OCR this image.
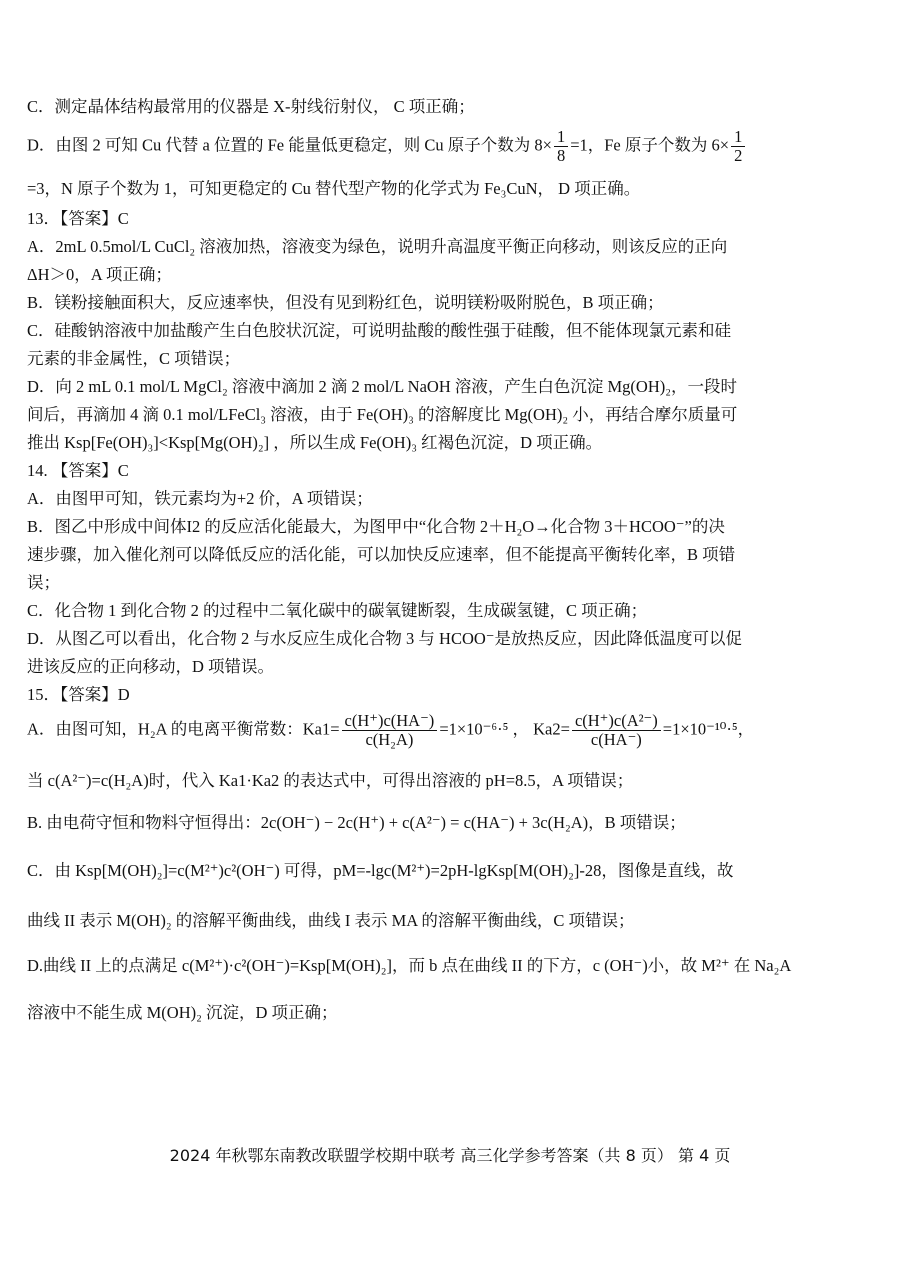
C．测定晶体结构最常用的仪器是 X-射线衍射仪， C 项正确；
D．由图 2 可知 Cu 代替 a 位置的 Fe 能量低更稳定，则 Cu 原子个数为 $8\times \frac{1}{8} =1$，Fe 原子个数为 $6\times \frac{1}{2}$
=3，N 原子个数为 1，可知更稳定的 Cu 替代型产物的化学式为 Fe₃CuN， D 项正确。
13．【答案】C
A．2mL 0.5mol/L CuCl₂ 溶液加热，溶液变为绿色，说明升高温度平衡正向移动，则该反应的正向
ΔH＞0，A 项正确；
B．镁粉接触面积大，反应速率快，但没有见到粉红色，说明镁粉吸附脱色，B 项正确；
C．硅酸钠溶液中加盐酸产生白色胶状沉淀，可说明盐酸的酸性强于硅酸，但不能体现氯元素和硅
元素的非金属性，C 项错误；
D．向 2 mL 0.1 mol/L MgCl₂ 溶液中滴加 2 滴 2 mol/L NaOH 溶液，产生白色沉淀 Mg(OH)₂，一段时
间后，再滴加 4 滴 0.1 mol/LFeCl₃ 溶液，由于 Fe(OH)₃ 的溶解度比 Mg(OH)₂ 小，再结合摩尔质量可
推出 Ksp[Fe(OH)₃]<Ksp[Mg(OH)₂] ，所以生成 Fe(OH)₃ 红褐色沉淀，D 项正确。
14. 【答案】C
A．由图甲可知，铁元素均为+2 价，A 项错误；
B．图乙中形成中间体I2 的反应活化能最大，为图甲中“化合物 2＋H₂O→化合物 3＋HCOO⁻”的决
速步骤，加入催化剂可以降低反应的活化能，可以加快反应速率，但不能提高平衡转化率，B 项错
误；
C．化合物 1 到化合物 2 的过程中二氧化碳中的碳氧键断裂，生成碳氢键，C 项正确；
D．从图乙可以看出，化合物 2 与水反应生成化合物 3 与 HCOO⁻是放热反应，因此降低温度可以促
进该反应的正向移动，D 项错误。
15．【答案】D
A．由图可知，H₂A 的电离平衡常数：$Ka1= \frac{c(H^+)c(HA^-)}{\text{c(H₂A)}} =1\times 10^{-6}\cdot^5$ ， $Ka2= \frac{\text{c(H⁺)c(A²⁻)}}{c(HA^-)} =1\times 10^{-10}\cdot^5$，
当 c(A²⁻)=c(H₂A)时，代入 Ka1·Ka2 的表达式中，可得出溶液的 pH=8.5，A 项错误；
B. 由电荷守恒和物料守恒得出：2c(OH⁻) − 2c(H⁺) + c(A²⁻) = c(HA⁻) + 3c(H₂A)，B 项错误；
C．由 Ksp[M(OH)₂]=c(M²⁺)c²(OH⁻) 可得，pM=-lgc(M²⁺)=2pH-lgKsp[M(OH)₂]-28，图像是直线，故
曲线 II 表示 M(OH)₂ 的溶解平衡曲线，曲线 I 表示 MA 的溶解平衡曲线，C 项错误；
D.曲线 II 上的点满足 c(M²⁺)·c²(OH⁻)=Ksp[M(OH)₂]，而 b 点在曲线 II 的下方，c (OH⁻)小，故 M²⁺ 在 Na₂A
溶液中不能生成 M(OH)₂ 沉淀，D 项正确；
2024 年秋鄂东南教改联盟学校期中联考 高三化学参考答案（共 8 页） 第 4 页
